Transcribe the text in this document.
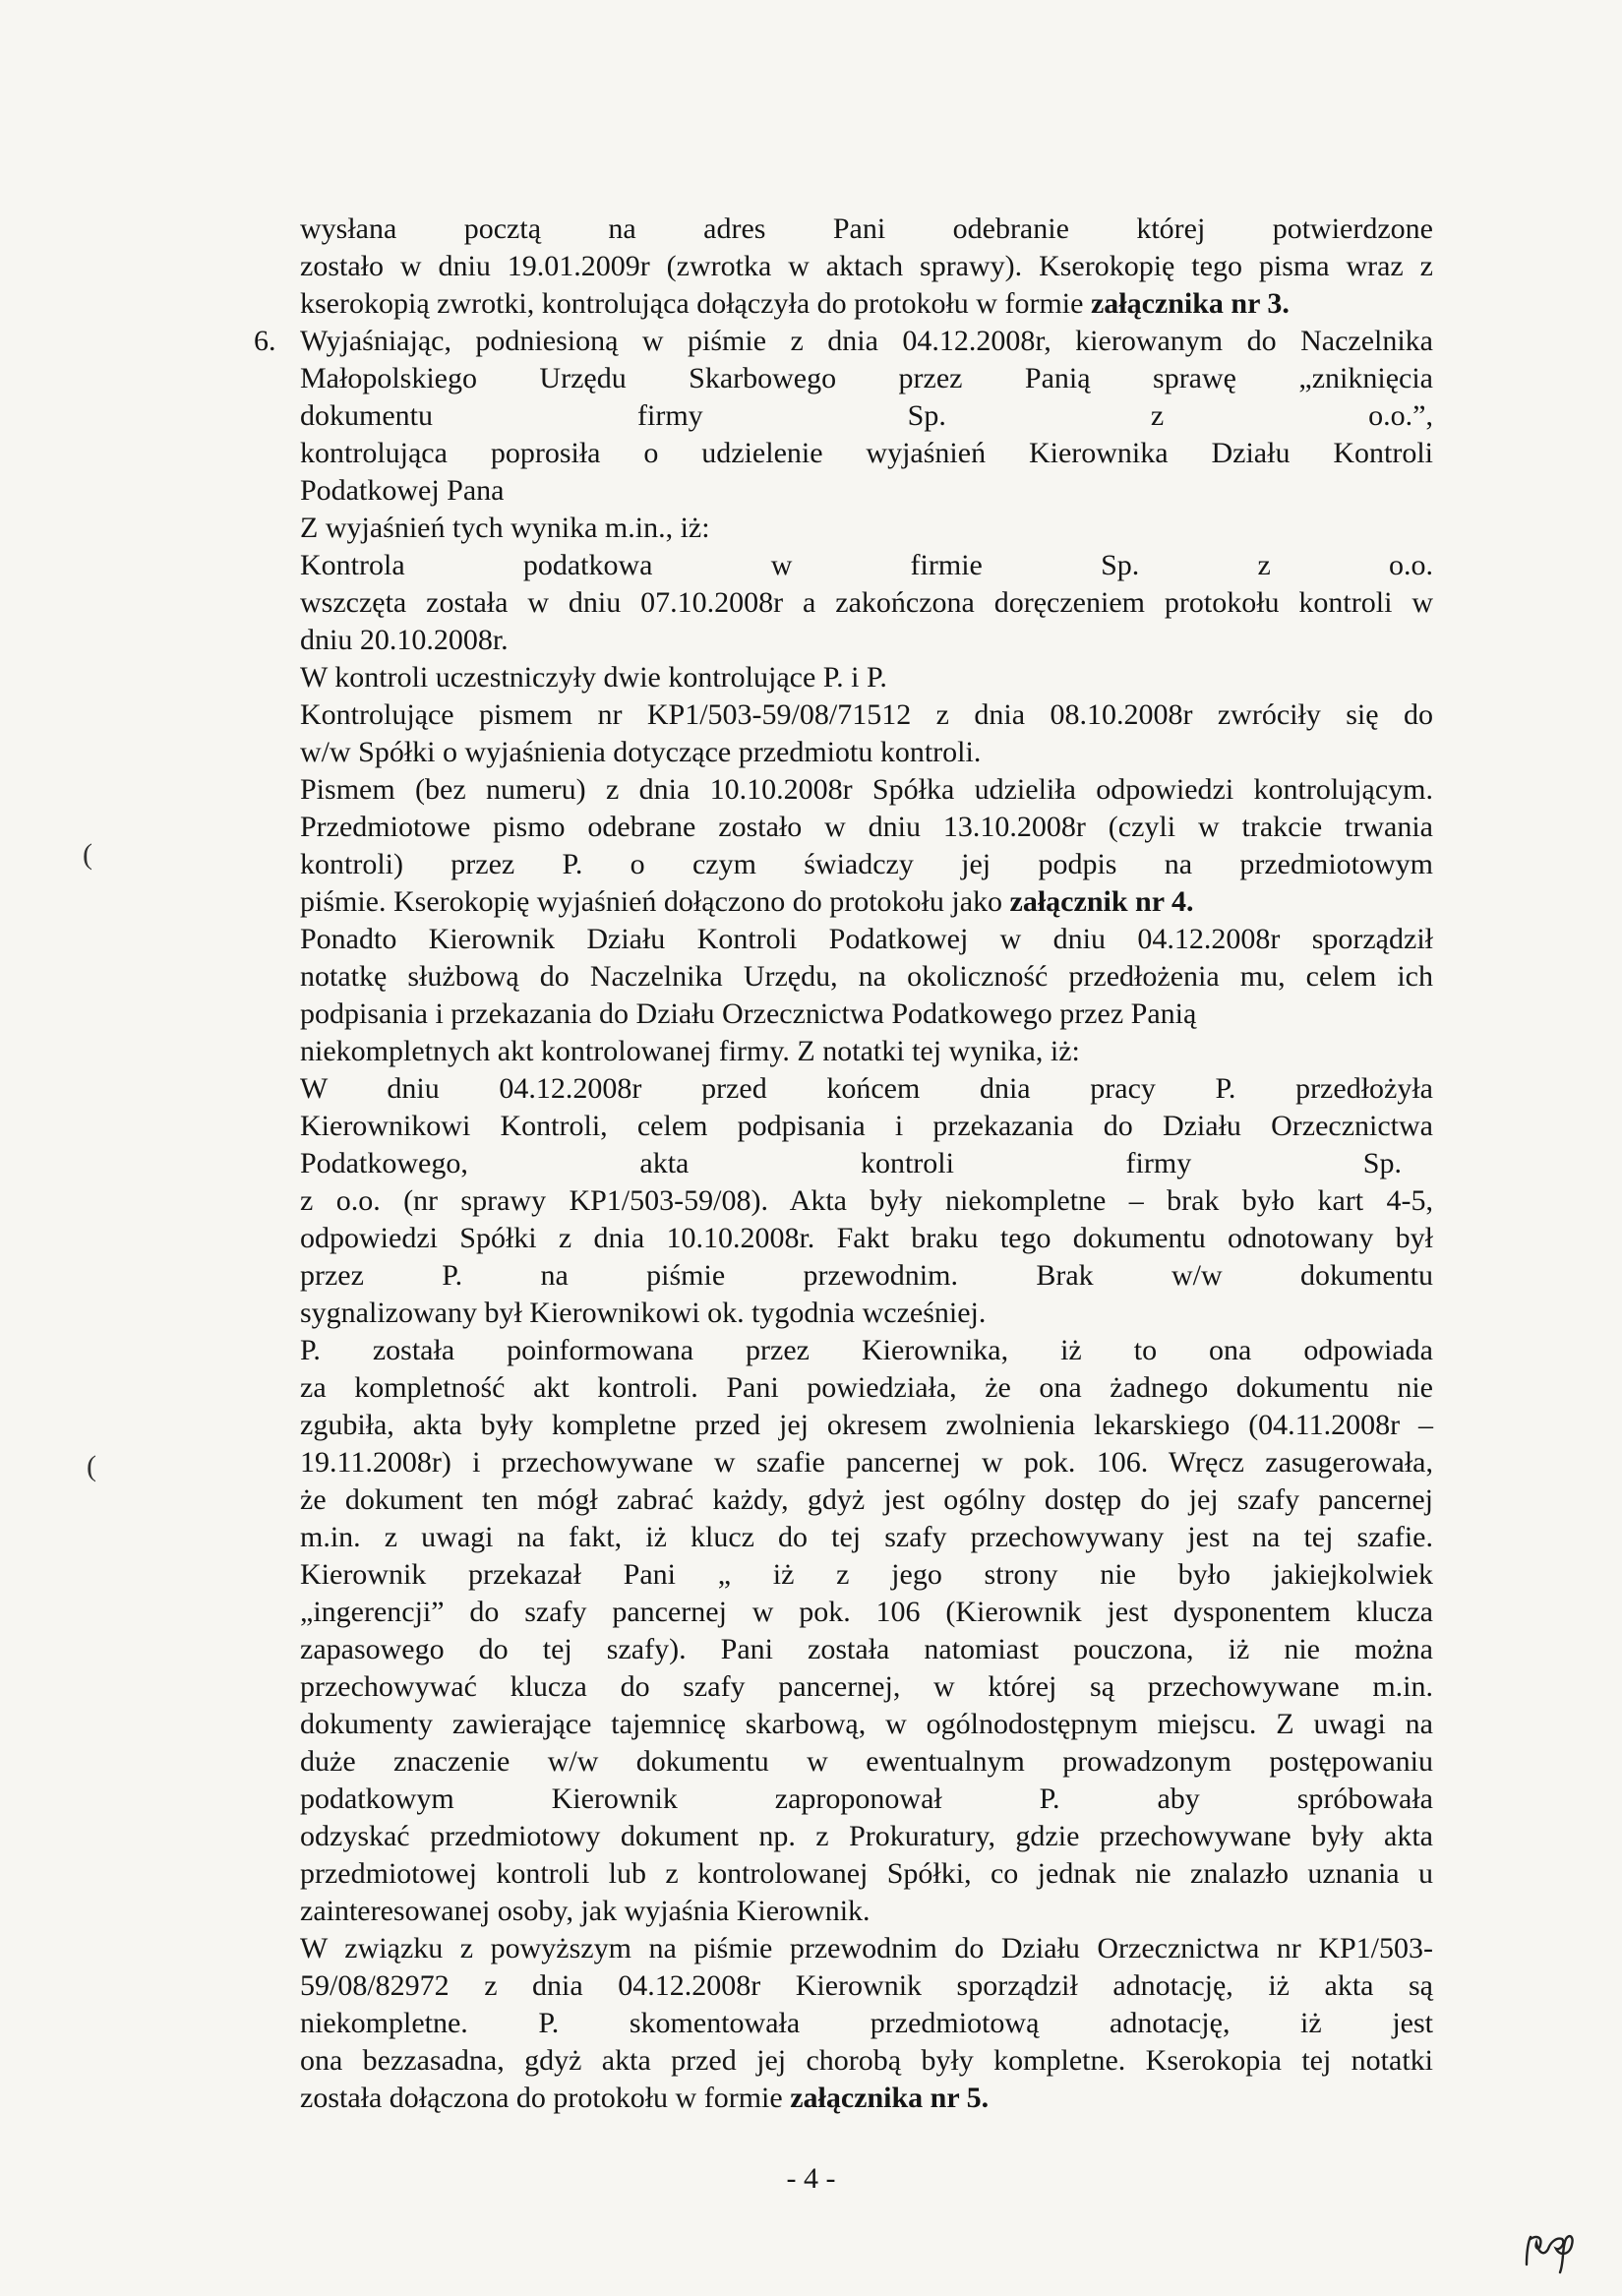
wysłana pocztą na adres Pani odebranie której potwierdzone
zostało w dniu 19.01.2009r (zwrotka w aktach sprawy). Kserokopię tego pisma wraz z
kserokopią zwrotki, kontrolująca dołączyła do protokołu w formie załącznika nr 3.
6. Wyjaśniając, podniesioną w piśmie z dnia 04.12.2008r, kierowanym do Naczelnika
Małopolskiego Urzędu Skarbowego przez Panią sprawę „zniknięcia
dokumentu firmy Sp. z o.o.”,
kontrolująca poprosiła o udzielenie wyjaśnień Kierownika Działu Kontroli
Podatkowej Pana
Z wyjaśnień tych wynika m.in., iż:
Kontrola podatkowa w firmie Sp. z o.o.
wszczęta została w dniu 07.10.2008r a zakończona doręczeniem protokołu kontroli w
dniu 20.10.2008r.
W kontroli uczestniczyły dwie kontrolujące P. i P.
Kontrolujące pismem nr KP1/503-59/08/71512 z dnia 08.10.2008r zwróciły się do
w/w Spółki o wyjaśnienia dotyczące przedmiotu kontroli.
Pismem (bez numeru) z dnia 10.10.2008r Spółka udzieliła odpowiedzi kontrolującym.
Przedmiotowe pismo odebrane zostało w dniu 13.10.2008r (czyli w trakcie trwania
kontroli) przez P. o czym świadczy jej podpis na przedmiotowym
piśmie. Kserokopię wyjaśnień dołączono do protokołu jako załącznik nr 4.
Ponadto Kierownik Działu Kontroli Podatkowej w dniu 04.12.2008r sporządził
notatkę służbową do Naczelnika Urzędu, na okoliczność przedłożenia mu, celem ich
podpisania i przekazania do Działu Orzecznictwa Podatkowego przez Panią
niekompletnych akt kontrolowanej firmy. Z notatki tej wynika, iż:
W dniu 04.12.2008r przed końcem dnia pracy P. przedłożyła
Kierownikowi Kontroli, celem podpisania i przekazania do Działu Orzecznictwa
Podatkowego, akta kontroli firmy Sp.
z o.o. (nr sprawy KP1/503-59/08). Akta były niekompletne – brak było kart 4-5,
odpowiedzi Spółki z dnia 10.10.2008r. Fakt braku tego dokumentu odnotowany był
przez P. na piśmie przewodnim. Brak w/w dokumentu
sygnalizowany był Kierownikowi ok. tygodnia wcześniej.
P. została poinformowana przez Kierownika, iż to ona odpowiada
za kompletność akt kontroli. Pani powiedziała, że ona żadnego dokumentu nie
zgubiła, akta były kompletne przed jej okresem zwolnienia lekarskiego (04.11.2008r –
19.11.2008r) i przechowywane w szafie pancernej w pok. 106. Wręcz zasugerowała,
że dokument ten mógł zabrać każdy, gdyż jest ogólny dostęp do jej szafy pancernej
m.in. z uwagi na fakt, iż klucz do tej szafy przechowywany jest na tej szafie.
Kierownik przekazał Pani „ iż z jego strony nie było jakiejkolwiek
„ingerencji” do szafy pancernej w pok. 106 (Kierownik jest dysponentem klucza
zapasowego do tej szafy). Pani została natomiast pouczona, iż nie można
przechowywać klucza do szafy pancernej, w której są przechowywane m.in.
dokumenty zawierające tajemnicę skarbową, w ogólnodostępnym miejscu. Z uwagi na
duże znaczenie w/w dokumentu w ewentualnym prowadzonym postępowaniu
podatkowym Kierownik zaproponował P. aby spróbowała
odzyskać przedmiotowy dokument np. z Prokuratury, gdzie przechowywane były akta
przedmiotowej kontroli lub z kontrolowanej Spółki, co jednak nie znalazło uznania u
zainteresowanej osoby, jak wyjaśnia Kierownik.
W związku z powyższym na piśmie przewodnim do Działu Orzecznictwa nr KP1/503-
59/08/82972 z dnia 04.12.2008r Kierownik sporządził adnotację, iż akta są
niekompletne. P. skomentowała przedmiotową adnotację, iż jest
ona bezzasadna, gdyż akta przed jej chorobą były kompletne. Kserokopia tej notatki
została dołączona do protokołu w formie załącznika nr 5.
- 4 -
(
(
